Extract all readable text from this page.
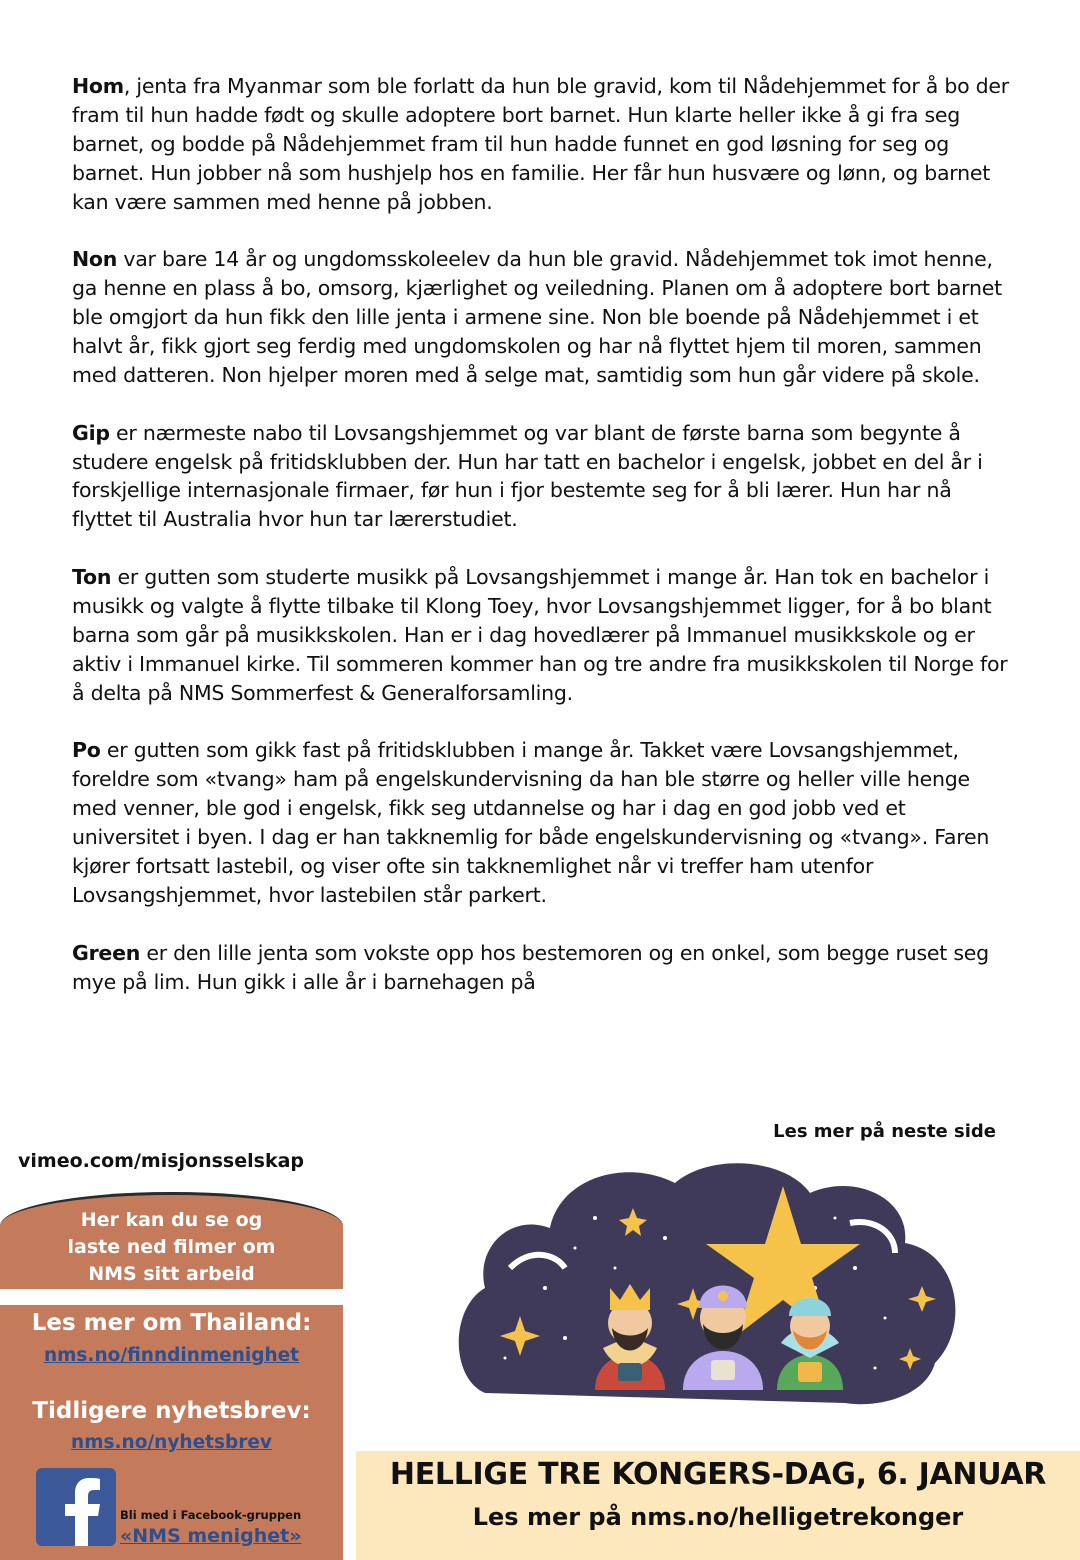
Hom, jenta fra Myanmar som ble forlatt da hun ble gravid, kom til Nådehjemmet for å bo der fram til hun hadde født og skulle adoptere bort barnet. Hun klarte heller ikke å gi fra seg barnet, og bodde på Nådehjemmet fram til hun hadde funnet en god løsning for seg og barnet. Hun jobber nå som hushjelp hos en familie. Her får hun husvære og lønn, og barnet kan være sammen med henne på jobben.

Non var bare 14 år og ungdomsskoleelev da hun ble gravid. Nådehjemmet tok imot henne, ga henne en plass å bo, omsorg, kjærlighet og veiledning. Planen om å adoptere bort barnet ble omgjort da hun fikk den lille jenta i armene sine. Non ble boende på Nådehjemmet i et halvt år, fikk gjort seg ferdig med ungdomskolen og har nå flyttet hjem til moren, sammen med datteren. Non hjelper moren med å selge mat, samtidig som hun går videre på skole.

Gip er nærmeste nabo til Lovsangshjemmet og var blant de første barna som begynte å studere engelsk på fritidsklubben der. Hun har tatt en bachelor i engelsk, jobbet en del år i forskjellige internasjonale firmaer, før hun i fjor bestemte seg for å bli lærer. Hun har nå flyttet til Australia hvor hun tar lærerstudiet.

Ton er gutten som studerte musikk på Lovsangshjemmet i mange år. Han tok en bachelor i musikk og valgte å flytte tilbake til Klong Toey, hvor Lovsangshjemmet ligger, for å bo blant barna som går på musikkskolen. Han er i dag hovedlærer på Immanuel musikkskole og er aktiv i Immanuel kirke. Til sommeren kommer han og tre andre fra musikkskolen til Norge for å delta på NMS Sommerfest & Generalforsamling.

Po er gutten som gikk fast på fritidsklubben i mange år. Takket være Lovsangshjemmet, foreldre som «tvang» ham på engelskundervisning da han ble større og heller ville henge med venner, ble god i engelsk, fikk seg utdannelse og har i dag en god jobb ved et universitet i byen. I dag er han takknemlig for både engelskundervisning og «tvang». Faren kjører fortsatt lastebil, og viser ofte sin takknemlighet når vi treffer ham utenfor Lovsangshjemmet, hvor lastebilen står parkert.

Green er den lille jenta som vokste opp hos bestemoren og en onkel, som begge ruset seg mye på lim. Hun gikk i alle år i barnehagen på

Les mer på neste side
vimeo.com/misjonsselskap
Her kan du se og
laste ned filmer om
NMS sitt arbeid
Les mer om Thailand:
nms.no/finndinmenighet
Tidligere nyhetsbrev:
nms.no/nyhetsbrev
Bli med i Facebook-gruppen
«NMS menighet»
HELLIGE TRE KONGERS-DAG, 6. JANUAR
Les mer på nms.no/helligetrekonger
